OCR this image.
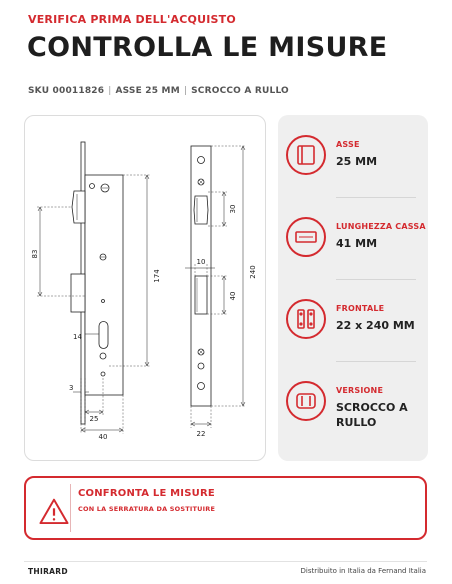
VERIFICA PRIMA DELL'ACQUISTO
CONTROLLA LE MISURE
SKU 00011826 | ASSE 25 MM | SCROCCO A RULLO
83
174
14
3
25
40
30
10
40
240
22
ASSE
25 MM
LUNGHEZZA CASSA
41 MM
FRONTALE
22 x 240 MM
VERSIONE
SCROCCO A RULLO
CONFRONTA LE MISURE
CON LA SERRATURA DA SOSTITUIRE
THIRARD	Distribuito in Italia da Fernand Italia
